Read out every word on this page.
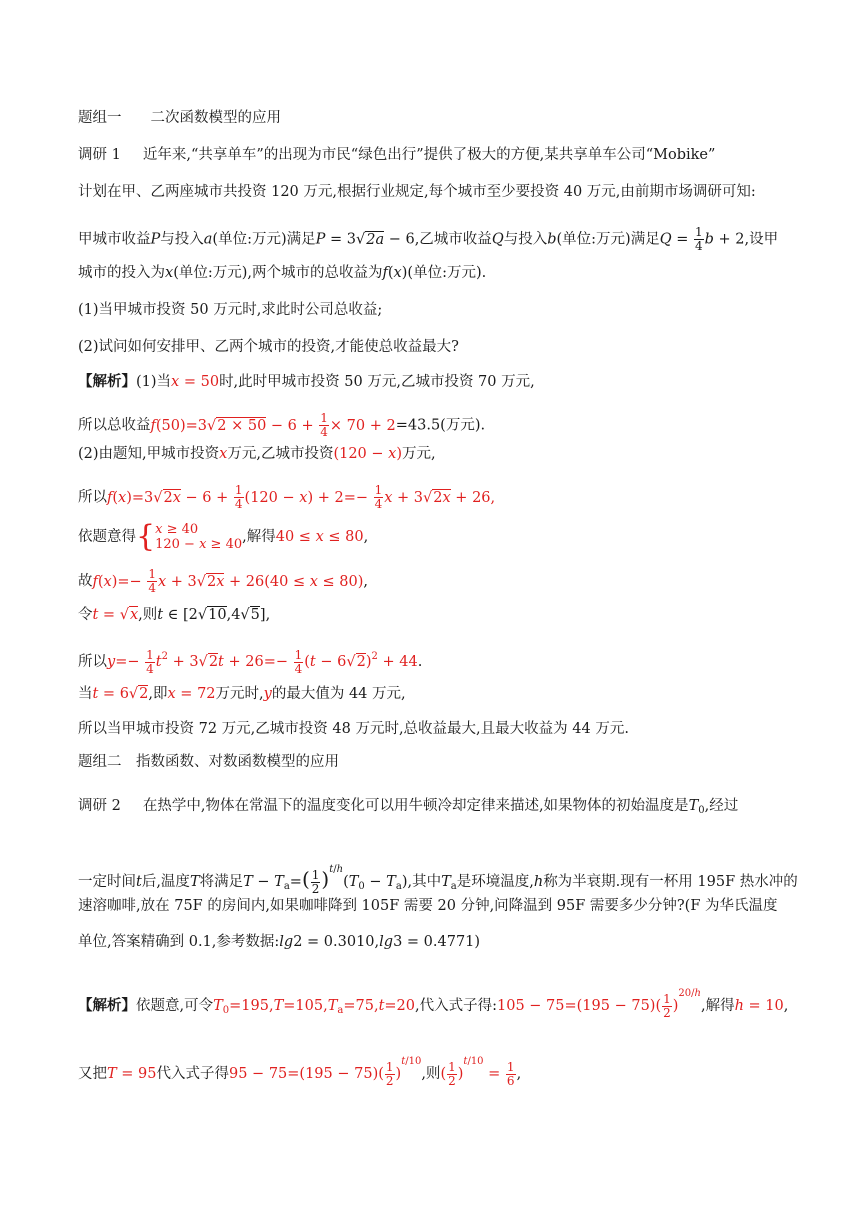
题组一　　二次函数模型的应用
调研 1 近年来,“共享单车”的出现为市民“绿色出行”提供了极大的方便,某共享单车公司“Mobike”
计划在甲、乙两座城市共投资 120 万元,根据行业规定,每个城市至少要投资 40 万元,由前期市场调研可知:
甲城市收益P与投入a(单位:万元)满足P = 3√2a − 6,乙城市收益Q与投入b(单位:万元)满足$Q = \frac{1}{4}$ b + 2,设甲
城市的投入为x(单位:万元),两个城市的总收益为f(x)(单位:万元).
(1)当甲城市投资 50 万元时,求此时公司总收益;
(2)试问如何安排甲、乙两个城市的投资,才能使总收益最大?
【解析】(1)当x = 50时,此时甲城市投资 50 万元,乙城市投资 70 万元,
所以总收益$f(50)=3√2 \times 50 - 6 + \frac{1}{4} \times 70 + 2=43.5$(万元).
(2)由题知,甲城市投资x万元,乙城市投资(120 − x)万元,
所以$f(x)=3√2x - 6 + \frac{1}{4} (120 - x) + 2=- \frac{1}{4}$ x + 3√2x + 26,
依题意得{x ≥ 40
120 − x ≥ 40,解得40 ≤ x ≤ 80,
故$f(x)=- \frac{1}{4}$ x + 3√2x + 26(40 ≤ x ≤ 80),
令t = √x,则t ∈ [2√10,4√5],
所以$y=- \frac{1}{4} t^2 + 3√2t + 26=- \frac{1}{4} (t - 6√2)^2 + 44$.
当t = 6√2,即x = 72万元时,y的最大值为 44 万元,
所以当甲城市投资 72 万元,乙城市投资 48 万元时,总收益最大,且最大收益为 44 万元.
题组二　指数函数、对数函数模型的应用
调研 2 在热学中,物体在常温下的温度变化可以用牛顿冷却定律来描述,如果物体的初始温度是$T_0$,经过
一定时间t后,温度T将满足$T - T_a=( \frac{1}{2} )^{t/h}(T_0 - T_a)$,其中$T_a$是环境温度,h称为半衰期.现有一杯用 195F 热水冲的
速溶咖啡,放在 75F 的房间内,如果咖啡降到 105F 需要 20 分钟,问降温到 95F 需要多少分钟?(F 为华氏温度
单位,答案精确到 0.1,参考数据:lg2 = 0.3010,lg3 = 0.4771)
【解析】依题意,可令$T_0=195,T=105,T_a=75,t=20$,代入式子得:105 − $75=(195 - 75)( \frac{1}{2} )^{20/h}$,解得h = 10,
又把T = 95代入式子得$95 - 75=(195 - 75)( \frac{1}{2} )^{t/10}$,则( $\frac{1}{2} )^{t/10} = \frac{1}{6}$ ,
